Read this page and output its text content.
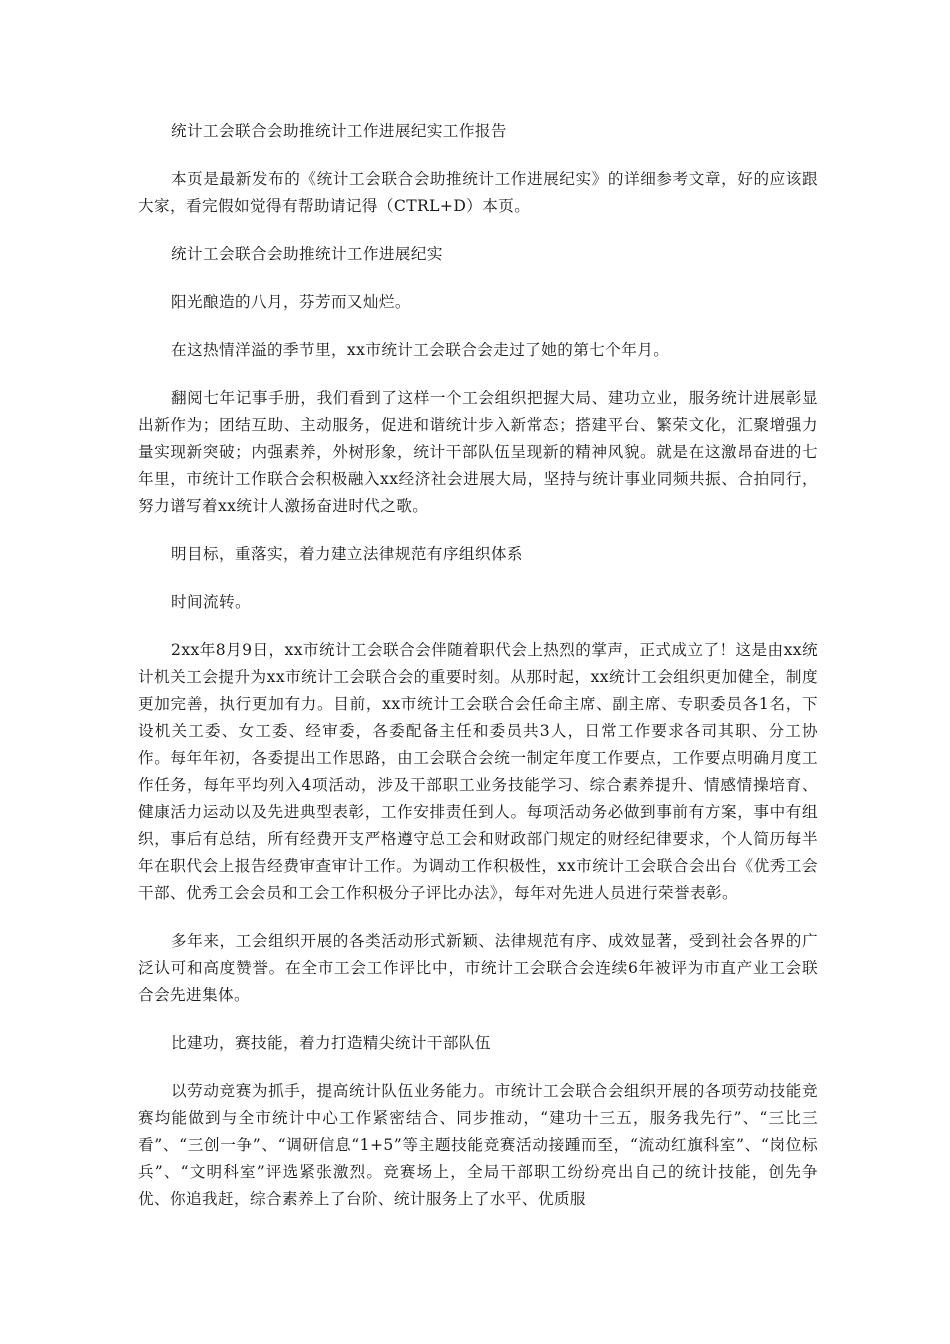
统计工会联合会助推统计工作进展纪实工作报告

本页是最新发布的《统计工会联合会助推统计工作进展纪实》的详细参考文章，好的应该跟大家，看完假如觉得有帮助请记得（CTRL+D）本页。

统计工会联合会助推统计工作进展纪实

阳光酿造的八月，芬芳而又灿烂。

在这热情洋溢的季节里，xx市统计工会联合会走过了她的第七个年月。

翻阅七年记事手册，我们看到了这样一个工会组织把握大局、建功立业，服务统计进展彰显出新作为；团结互助、主动服务，促进和谐统计步入新常态；搭建平台、繁荣文化，汇聚增强力量实现新突破；内强素养，外树形象，统计干部队伍呈现新的精神风貌。就是在这激昂奋进的七年里，市统计工作联合会积极融入xx经济社会进展大局，坚持与统计事业同频共振、合拍同行，努力谱写着xx统计人激扬奋进时代之歌。

明目标，重落实，着力建立法律规范有序组织体系

时间流转。

2xx年8月9日，xx市统计工会联合会伴随着职代会上热烈的掌声，正式成立了！这是由xx统计机关工会提升为xx市统计工会联合会的重要时刻。从那时起，xx统计工会组织更加健全，制度更加完善，执行更加有力。目前，xx市统计工会联合会任命主席、副主席、专职委员各1名，下设机关工委、女工委、经审委，各委配备主任和委员共3人，日常工作要求各司其职、分工协作。每年年初，各委提出工作思路，由工会联合会统一制定年度工作要点，工作要点明确月度工作任务，每年平均列入4项活动，涉及干部职工业务技能学习、综合素养提升、情感情操培育、健康活力运动以及先进典型表彰，工作安排责任到人。每项活动务必做到事前有方案，事中有组织，事后有总结，所有经费开支严格遵守总工会和财政部门规定的财经纪律要求，个人简历每半年在职代会上报告经费审查审计工作。为调动工作积极性，xx市统计工会联合会出台《优秀工会干部、优秀工会会员和工会工作积极分子评比办法》，每年对先进人员进行荣誉表彰。

多年来，工会组织开展的各类活动形式新颖、法律规范有序、成效显著，受到社会各界的广泛认可和高度赞誉。在全市工会工作评比中，市统计工会联合会连续6年被评为市直产业工会联合会先进集体。

比建功，赛技能，着力打造精尖统计干部队伍

以劳动竞赛为抓手，提高统计队伍业务能力。市统计工会联合会组织开展的各项劳动技能竞赛均能做到与全市统计中心工作紧密结合、同步推动，“建功十三五，服务我先行”、“三比三看”、“三创一争”、“调研信息“1+5”等主题技能竞赛活动接踵而至，“流动红旗科室”、“岗位标兵”、“文明科室”评选紧张激烈。竞赛场上，全局干部职工纷纷亮出自己的统计技能，创先争优、你追我赶，综合素养上了台阶、统计服务上了水平、优质服
